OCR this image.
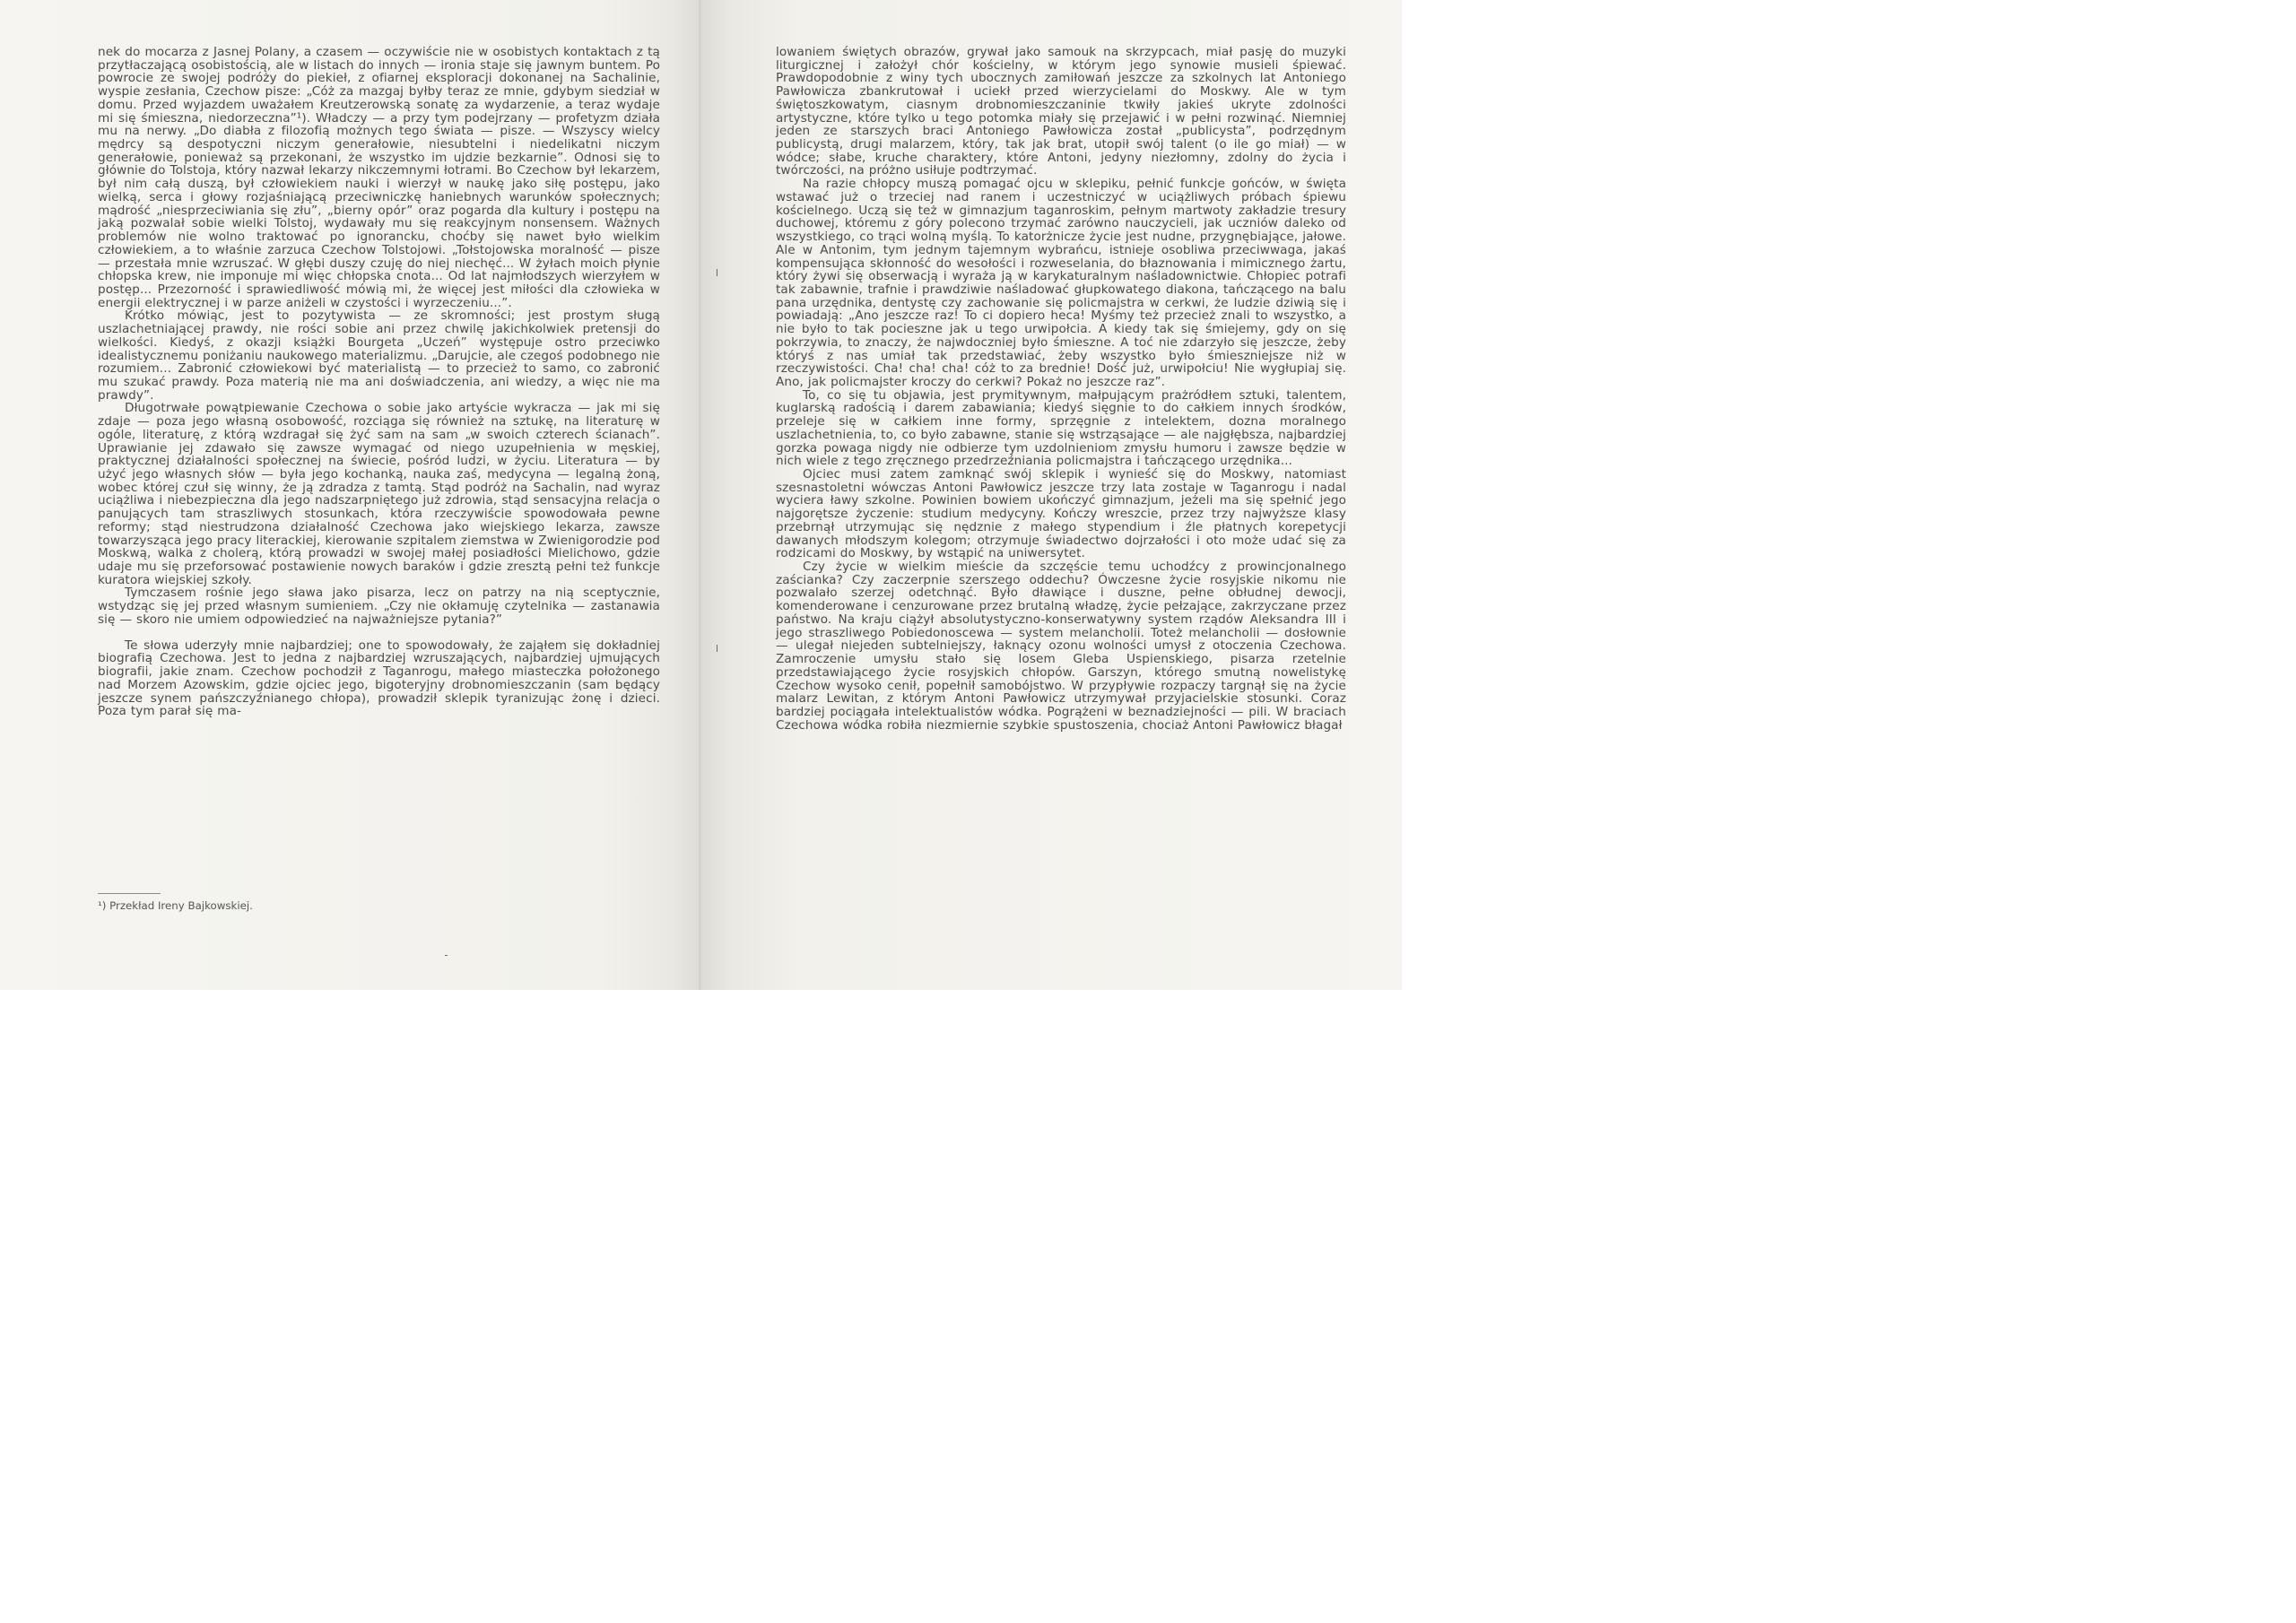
nek do mocarza z Jasnej Polany, a czasem — oczywiście nie w osobistych kontaktach z tą przytłaczającą osobistością, ale w listach do innych — ironia staje się jawnym buntem. Po powrocie ze swojej podróży do piekieł, z ofiarnej eksploracji dokonanej na Sachalinie, wyspie zesłania, Czechow pisze: „Cóż za mazgaj byłby teraz ze mnie, gdybym siedział w domu. Przed wyjazdem uważałem Kreutzerowską sonatę za wydarzenie, a teraz wydaje mi się śmieszna, niedorzeczna”¹). Władczy — a przy tym podejrzany — profetyzm działa mu na nerwy. „Do diabła z filozofią możnych tego świata — pisze. — Wszyscy wielcy mędrcy są despotyczni niczym generałowie, niesubtelni i niedelikatni niczym generałowie, ponieważ są przekonani, że wszystko im ujdzie bezkarnie”. Odnosi się to głównie do Tolstoja, który nazwał lekarzy nikczemnymi łotrami. Bo Czechow był lekarzem, był nim całą duszą, był człowiekiem nauki i wierzył w naukę jako siłę postępu, jako wielką, serca i głowy rozjaśniającą przeciwniczkę haniebnych warunków społecznych; mądrość „niesprzeciwiania się złu”, „bierny opór” oraz pogarda dla kultury i postępu na jaką pozwalał sobie wielki Tolstoj, wydawały mu się reakcyjnym nonsensem. Ważnych problemów nie wolno traktować po ignorancku, choćby się nawet było wielkim człowiekiem, a to właśnie zarzuca Czechow Tolstojowi. „Tołstojowska moralność — pisze — przestała mnie wzruszać. W głębi duszy czuję do niej niechęć... W żyłach moich płynie chłopska krew, nie imponuje mi więc chłopska cnota... Od lat najmłodszych wierzyłem w postęp... Przezorność i sprawiedliwość mówią mi, że więcej jest miłości dla człowieka w energii elektrycznej i w parze aniżeli w czystości i wyrzeczeniu...”.

Krótko mówiąc, jest to pozytywista — ze skromności; jest prostym sługą uszlachetniającej prawdy, nie rości sobie ani przez chwilę jakichkolwiek pretensji do wielkości. Kiedyś, z okazji książki Bourgeta „Uczeń” występuje ostro przeciwko idealistycznemu poniżaniu naukowego materializmu. „Darujcie, ale czegoś podobnego nie rozumiem... Zabronić człowiekowi być materialistą — to przecież to samo, co zabronić mu szukać prawdy. Poza materią nie ma ani doświadczenia, ani wiedzy, a więc nie ma prawdy”.

Długotrwałe powątpiewanie Czechowa o sobie jako artyście wykracza — jak mi się zdaje — poza jego własną osobowość, rozciąga się również na sztukę, na literaturę w ogóle, literaturę, z którą wzdragał się żyć sam na sam „w swoich czterech ścianach”. Uprawianie jej zdawało się zawsze wymagać od niego uzupełnienia w męskiej, praktycznej działalności społecznej na świecie, pośród ludzi, w życiu. Literatura — by użyć jego własnych słów — była jego kochanką, nauka zaś, medycyna — legalną żoną, wobec której czuł się winny, że ją zdradza z tamtą. Stąd podróż na Sachalin, nad wyraz uciążliwa i niebezpieczna dla jego nadszarpniętego już zdrowia, stąd sensacyjna relacja o panujących tam straszliwych stosunkach, która rzeczywiście spowodowała pewne reformy; stąd niestrudzona działalność Czechowa jako wiejskiego lekarza, zawsze towarzysząca jego pracy literackiej, kierowanie szpitalem ziemstwa w Zwienigorodzie pod Moskwą, walka z cholerą, którą prowadzi w swojej małej posiadłości Mielichowo, gdzie udaje mu się przeforsować postawienie nowych baraków i gdzie zresztą pełni też funkcje kuratora wiejskiej szkoły.

Tymczasem rośnie jego sława jako pisarza, lecz on patrzy na nią sceptycznie, wstydząc się jej przed własnym sumieniem. „Czy nie okłamuję czytelnika — zastanawia się — skoro nie umiem odpowiedzieć na najważniejsze pytania?”

Te słowa uderzyły mnie najbardziej; one to spowodowały, że zająłem się dokładniej biografią Czechowa. Jest to jedna z najbardziej wzruszających, najbardziej ujmujących biografii, jakie znam. Czechow pochodził z Taganrogu, małego miasteczka położonego nad Morzem Azowskim, gdzie ojciec jego, bigoteryjny drobnomieszczanin (sam będący jeszcze synem pańszczyźnianego chłopa), prowadził sklepik tyranizując żonę i dzieci. Poza tym parał się ma-

¹) Przekład Ireny Bajkowskiej.

lowaniem świętych obrazów, grywał jako samouk na skrzypcach, miał pasję do muzyki liturgicznej i założył chór kościelny, w którym jego synowie musieli śpiewać. Prawdopodobnie z winy tych ubocznych zamiłowań jeszcze za szkolnych lat Antoniego Pawłowicza zbankrutował i uciekł przed wierzycielami do Moskwy. Ale w tym świętoszkowatym, ciasnym drobnomieszczaninie tkwiły jakieś ukryte zdolności artystyczne, które tylko u tego potomka miały się przejawić i w pełni rozwinąć. Niemniej jeden ze starszych braci Antoniego Pawłowicza został „publicysta”, podrzędnym publicystą, drugi malarzem, który, tak jak brat, utopił swój talent (o ile go miał) — w wódce; słabe, kruche charaktery, które Antoni, jedyny niezłomny, zdolny do życia i twórczości, na próżno usiłuje podtrzymać.

Na razie chłopcy muszą pomagać ojcu w sklepiku, pełnić funkcje gońców, w święta wstawać już o trzeciej nad ranem i uczestniczyć w uciążliwych próbach śpiewu kościelnego. Uczą się też w gimnazjum taganroskim, pełnym martwoty zakładzie tresury duchowej, któremu z góry polecono trzymać zarówno nauczycieli, jak uczniów daleko od wszystkiego, co trąci wolną myślą. To katorżnicze życie jest nudne, przygnębiające, jałowe. Ale w Antonim, tym jednym tajemnym wybrańcu, istnieje osobliwa przeciwwaga, jakaś kompensująca skłonność do wesołości i rozweselania, do błaznowania i mimicznego żartu, który żywi się obserwacją i wyraża ją w karykaturalnym naśladownictwie. Chłopiec potrafi tak zabawnie, trafnie i prawdziwie naśladować głupkowatego diakona, tańczącego na balu pana urzędnika, dentystę czy zachowanie się policmajstra w cerkwi, że ludzie dziwią się i powiadają: „Ano jeszcze raz! To ci dopiero heca! Myśmy też przecież znali to wszystko, a nie było to tak pocieszne jak u tego urwipołcia. A kiedy tak się śmiejemy, gdy on się pokrzywia, to znaczy, że najwdoczniej było śmieszne. A toć nie zdarzyło się jeszcze, żeby któryś z nas umiał tak przedstawiać, żeby wszystko było śmieszniejsze niż w rzeczywistości. Cha! cha! cha! cóż to za brednie! Dość już, urwipołciu! Nie wygłupiaj się. Ano, jak policmajster kroczy do cerkwi? Pokaż no jeszcze raz”.

To, co się tu objawia, jest prymitywnym, małpującym prażródłem sztuki, talentem, kuglarską radością i darem zabawiania; kiedyś sięgnie to do całkiem innych środków, przeleje się w całkiem inne formy, sprzęgnie z intelektem, dozna moralnego uszlachetnienia, to, co było zabawne, stanie się wstrząsające — ale najgłębsza, najbardziej gorzka powaga nigdy nie odbierze tym uzdolnieniom zmysłu humoru i zawsze będzie w nich wiele z tego zręcznego przedrzeźniania policmajstra i tańczącego urzędnika...

Ojciec musi zatem zamknąć swój sklepik i wynieść się do Moskwy, natomiast szesnastoletni wówczas Antoni Pawłowicz jeszcze trzy lata zostaje w Taganrogu i nadal wyciera ławy szkolne. Powinien bowiem ukończyć gimnazjum, jeżeli ma się spełnić jego najgorętsze życzenie: studium medycyny. Kończy wreszcie, przez trzy najwyższe klasy przebrnął utrzymując się nędznie z małego stypendium i źle płatnych korepetycji dawanych młodszym kolegom; otrzymuje świadectwo dojrzałości i oto może udać się za rodzicami do Moskwy, by wstąpić na uniwersytet.

Czy życie w wielkim mieście da szczęście temu uchodźcy z prowincjonalnego zaścianka? Czy zaczerpnie szerszego oddechu? Ówczesne życie rosyjskie nikomu nie pozwalało szerzej odetchnąć. Było dławiące i duszne, pełne obłudnej dewocji, komenderowane i cenzurowane przez brutalną władzę, życie pełzające, zakrzyczane przez państwo. Na kraju ciążył absolutystyczno-konserwatywny system rządów Aleksandra III i jego straszliwego Pobiedonoscewa — system melancholii. Toteż melancholii — dosłownie — ulegał niejeden subtelniejszy, łaknący ozonu wolności umysł z otoczenia Czechowa. Zamroczenie umysłu stało się losem Gleba Uspienskiego, pisarza rzetelnie przedstawiającego życie rosyjskich chłopów. Garszyn, którego smutną nowelistykę Czechow wysoko cenił, popełnił samobójstwo. W przypływie rozpaczy targnął się na życie malarz Lewitan, z którym Antoni Pawłowicz utrzymywał przyjacielskie stosunki. Coraz bardziej pociągała intelektualistów wódka. Pogrążeni w beznadziejności — pili. W braciach Czechowa wódka robiła niezmiernie szybkie spustoszenia, chociaż Antoni Pawłowicz błagał
